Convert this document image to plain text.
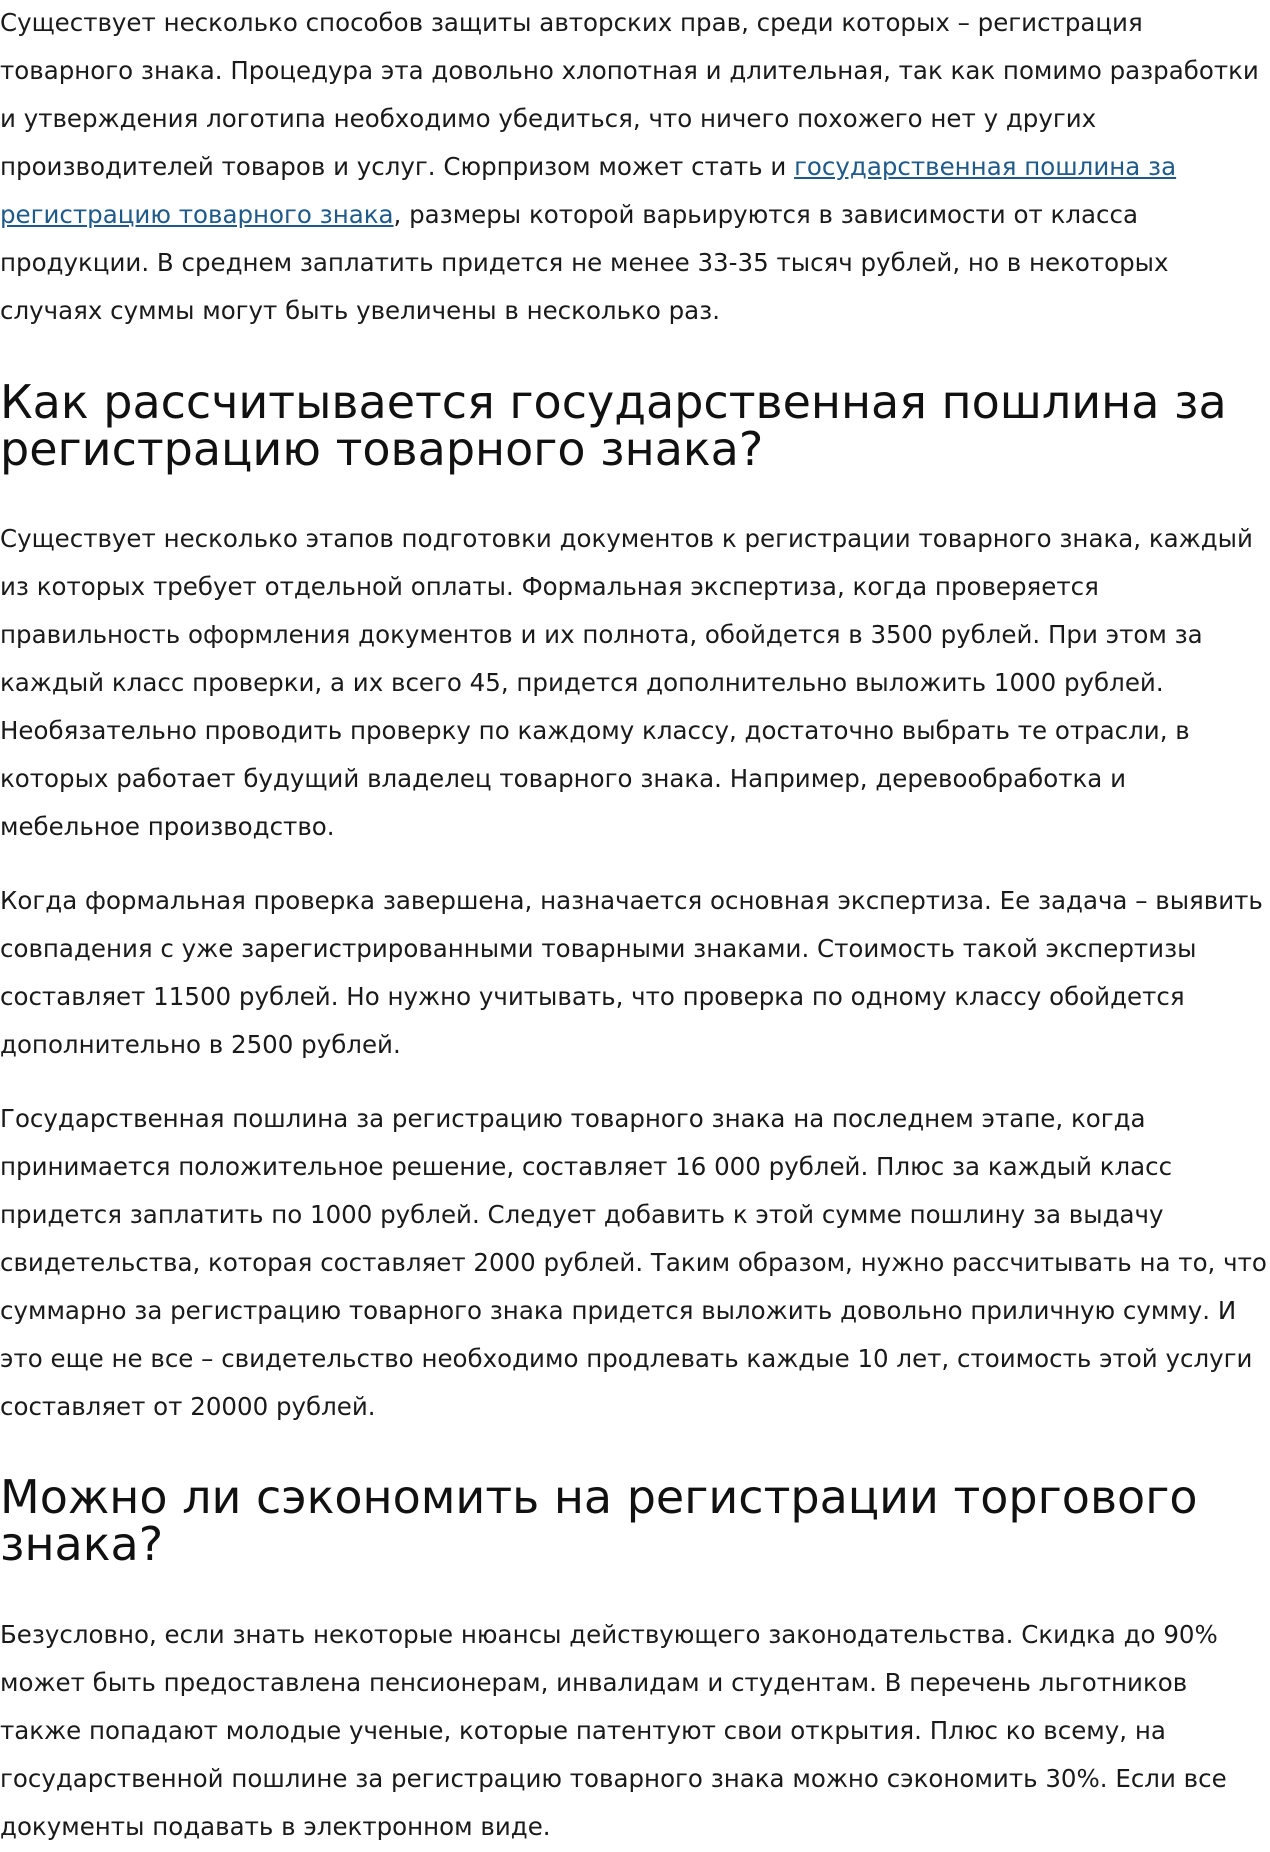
Существует несколько способов защиты авторских прав, среди которых – регистрация товарного знака. Процедура эта довольно хлопотная и длительная, так как помимо разработки и утверждения логотипа необходимо убедиться, что ничего похожего нет у других производителей товаров и услуг. Сюрпризом может стать и государственная пошлина за регистрацию товарного знака, размеры которой варьируются в зависимости от класса продукции. В среднем заплатить придется не менее 33-35 тысяч рублей, но в некоторых случаях суммы могут быть увеличены в несколько раз.

Как рассчитывается государственная пошлина за регистрацию товарного знака?

Существует несколько этапов подготовки документов к регистрации товарного знака, каждый из которых требует отдельной оплаты. Формальная экспертиза, когда проверяется правильность оформления документов и их полнота, обойдется в 3500 рублей. При этом за каждый класс проверки, а их всего 45, придется дополнительно выложить 1000 рублей. Необязательно проводить проверку по каждому классу, достаточно выбрать те отрасли, в которых работает будущий владелец товарного знака. Например, деревообработка и мебельное производство.

Когда формальная проверка завершена, назначается основная экспертиза. Ее задача – выявить совпадения с уже зарегистрированными товарными знаками. Стоимость такой экспертизы составляет 11500 рублей. Но нужно учитывать, что проверка по одному классу обойдется дополнительно в 2500 рублей.

Государственная пошлина за регистрацию товарного знака на последнем этапе, когда принимается положительное решение, составляет 16 000 рублей. Плюс за каждый класс придется заплатить по 1000 рублей. Следует добавить к этой сумме пошлину за выдачу свидетельства, которая составляет 2000 рублей. Таким образом, нужно рассчитывать на то, что суммарно за регистрацию товарного знака придется выложить довольно приличную сумму. И это еще не все – свидетельство необходимо продлевать каждые 10 лет, стоимость этой услуги составляет от 20000 рублей.

Можно ли сэкономить на регистрации торгового знака?

Безусловно, если знать некоторые нюансы действующего законодательства. Скидка до 90% может быть предоставлена пенсионерам, инвалидам и студентам. В перечень льготников также попадают молодые ученые, которые патентуют свои открытия. Плюс ко всему, на государственной пошлине за регистрацию товарного знака можно сэкономить 30%. Если все документы подавать в электронном виде.
